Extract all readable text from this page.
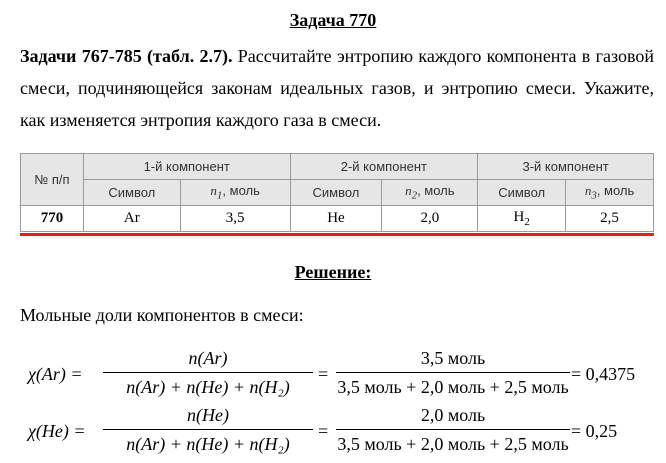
Задача 770
Задачи 767-785 (табл. 2.7). Рассчитайте энтропию каждого компонента в газовой смеси, подчиняющейся законам идеальных газов, и энтропию смеси. Укажите, как изменяется энтропия каждого газа в смеси.
№ п/п	1-й компонент		2-й компонент		3-й компонент	
	Символ	$n_1$, моль	Символ	$n_2$, моль	Символ	$n_3$, моль
770	Ar	3,5	He	2,0	$H_2$	2,5
Решение:
Мольные доли компонентов в смеси:
$\chi(Ar) = \frac{n(Ar)}{\text{n(Ar) + n(He) + n(H₂)}}$ =
3,5 моль
3,5 моль + 2,0 моль + 2,5 моль
= 0,4375
$\chi(He) = \frac{n(He)}{\text{n(Ar) + n(He) + n(H₂)}}$ =
2,0 моль
3,5 моль + 2,0 моль + 2,5 моль
= 0,25
